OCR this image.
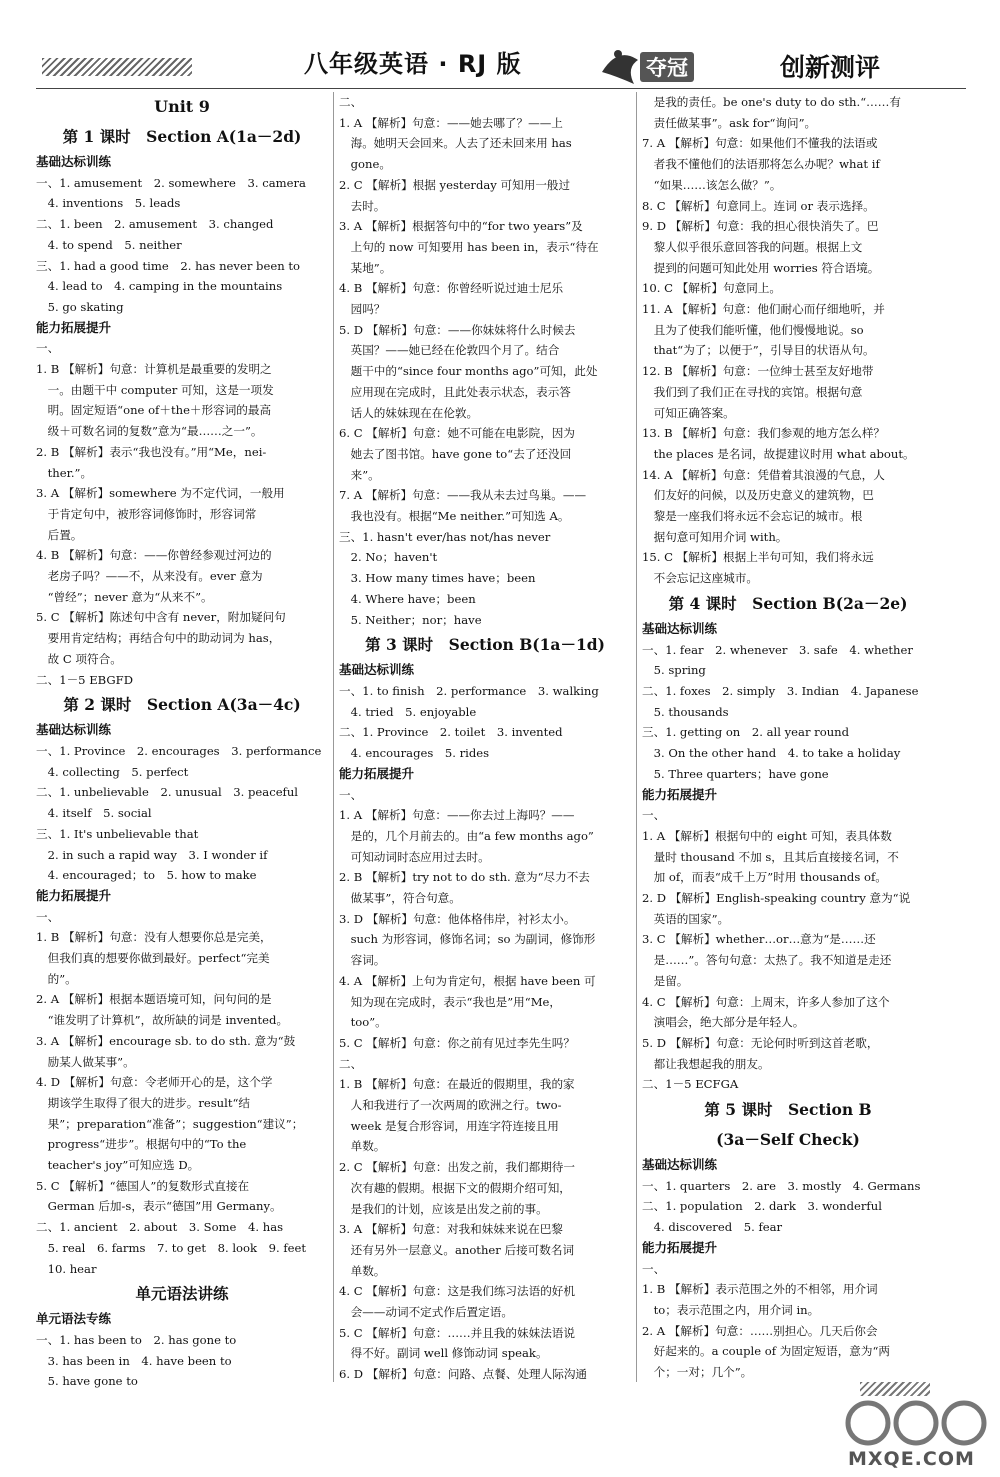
八年级英语 · RJ 版	夺冠	创新测评
Unit 9
第 1 课时　Section A(1a－2d)
基础达标训练
一、1. amusement　2. somewhere　3. camera
　4. inventions　5. leads
二、1. been　2. amusement　3. changed
　4. to spend　5. neither
三、1. had a good time　2. has never been to
　4. lead to　4. camping in the mountains
　5. go skating
能力拓展提升
一、
1. B 【解析】句意：计算机是最重要的发明之
　一。由题干中 computer 可知，这是一项发
　明。固定短语“one of＋the＋形容词的最高
　级＋可数名词的复数”意为“最……之一”。
2. B 【解析】表示“我也没有。”用“Me，nei-
　ther.”。
3. A 【解析】somewhere 为不定代词，一般用
　于肯定句中，被形容词修饰时，形容词常
　后置。
4. B 【解析】句意：——你曾经参观过河边的
　老房子吗？——不，从来没有。ever 意为
　“曾经”；never 意为“从来不”。
5. C 【解析】陈述句中含有 never，附加疑问句
　要用肯定结构；再结合句中的助动词为 has，
　故 C 项符合。
二、1－5 EBGFD
第 2 课时　Section A(3a－4c)
基础达标训练
一、1. Province　2. encourages　3. performance
　4. collecting　5. perfect
二、1. unbelievable　2. unusual　3. peaceful
　4. itself　5. social
三、1. It's unbelievable that
　2. in such a rapid way　3. I wonder if
　4. encouraged；to　5. how to make
能力拓展提升
一、
1. B 【解析】句意：没有人想要你总是完美，
　但我们真的想要你做到最好。perfect“完美
　的”。
2. A 【解析】根据本题语境可知，问句问的是
　“谁发明了计算机”，故所缺的词是 invented。
3. A 【解析】encourage sb. to do sth. 意为“鼓
　励某人做某事”。
4. D 【解析】句意：令老师开心的是，这个学
　期该学生取得了很大的进步。result“结
　果”；preparation“准备”；suggestion“建议”；
　progress“进步”。根据句中的“To the
　teacher's joy”可知应选 D。
5. C 【解析】“德国人”的复数形式直接在
　German 后加-s，表示“德国”用 Germany。
二、1. ancient　2. about　3. Some　4. has
　5. real　6. farms　7. to get　8. look　9. feet
　10. hear
单元语法讲练
单元语法专练
一、1. has been to　2. has gone to
　3. has been in　4. have been to
　5. have gone to
二、
1. A 【解析】句意：——她去哪了？——上
　海。她明天会回来。人去了还未回来用 has
　gone。
2. C 【解析】根据 yesterday 可知用一般过
　去时。
3. A 【解析】根据答句中的“for two years”及
　上句的 now 可知要用 has been in，表示“待在
　某地”。
4. B 【解析】句意：你曾经听说过迪士尼乐
　园吗？
5. D 【解析】句意：——你妹妹将什么时候去
　英国？——她已经在伦敦四个月了。结合
　题干中的“since four months ago”可知，此处
　应用现在完成时，且此处表示状态，表示答
　话人的妹妹现在在伦敦。
6. C 【解析】句意：她不可能在电影院，因为
　她去了图书馆。have gone to“去了还没回
　来”。
7. A 【解析】句意：——我从未去过鸟巢。——
　我也没有。根据“Me neither.”可知选 A。
三、1. hasn't ever/has not/has never
　2. No；haven't
　3. How many times have；been
　4. Where have；been
　5. Neither；nor；have
第 3 课时　Section B(1a－1d)
基础达标训练
一、1. to finish　2. performance　3. walking
　4. tried　5. enjoyable
二、1. Province　2. toilet　3. invented
　4. encourages　5. rides
能力拓展提升
一、
1. A 【解析】句意：——你去过上海吗？——
　是的，几个月前去的。由“a few months ago”
　可知动词时态应用过去时。
2. B 【解析】try not to do sth. 意为“尽力不去
　做某事”，符合句意。
3. D 【解析】句意：他体格伟岸，衬衫太小。
　such 为形容词，修饰名词；so 为副词，修饰形
　容词。
4. A 【解析】上句为肯定句，根据 have been 可
　知为现在完成时，表示“我也是”用“Me，
　too”。
5. C 【解析】句意：你之前有见过李先生吗？
二、
1. B 【解析】句意：在最近的假期里，我的家
　人和我进行了一次两周的欧洲之行。two-
　week 是复合形容词，用连字符连接且用
　单数。
2. C 【解析】句意：出发之前，我们都期待一
　次有趣的假期。根据下文的假期介绍可知，
　是我们的计划，应该是出发之前的事。
3. A 【解析】句意：对我和妹妹来说在巴黎
　还有另外一层意义。another 后接可数名词
　单数。
4. C 【解析】句意：这是我们练习法语的好机
　会——动词不定式作后置定语。
5. C 【解析】句意：……并且我的妹妹法语说
　得不好。副词 well 修饰动词 speak。
6. D 【解析】句意：问路、点餐、处理人际沟通
　是我的责任。be one's duty to do sth.“……有
　责任做某事”。ask for“询问”。
7. A 【解析】句意：如果他们不懂我的法语或
　者我不懂他们的法语那将怎么办呢？what if
　“如果……该怎么做？”。
8. C 【解析】句意同上。连词 or 表示选择。
9. D 【解析】句意：我的担心很快消失了。巴
　黎人似乎很乐意回答我的问题。根据上文
　提到的问题可知此处用 worries 符合语境。
10. C 【解析】句意同上。
11. A 【解析】句意：他们耐心而仔细地听，并
　且为了使我们能听懂，他们慢慢地说。so
　that“为了；以便于”，引导目的状语从句。
12. B 【解析】句意：一位绅士甚至友好地带
　我们到了我们正在寻找的宾馆。根据句意
　可知正确答案。
13. B 【解析】句意：我们参观的地方怎么样？
　the places 是名词，故提建议时用 what about。
14. A 【解析】句意：凭借着其浪漫的气息，人
　们友好的问候，以及历史意义的建筑物，巴
　黎是一座我们将永远不会忘记的城市。根
　据句意可知用介词 with。
15. C 【解析】根据上半句可知，我们将永远
　不会忘记这座城市。
第 4 课时　Section B(2a－2e)
基础达标训练
一、1. fear　2. whenever　3. safe　4. whether
　5. spring
二、1. foxes　2. simply　3. Indian　4. Japanese
　5. thousands
三、1. getting on　2. all year round
　3. On the other hand　4. to take a holiday
　5. Three quarters；have gone
能力拓展提升
一、
1. A 【解析】根据句中的 eight 可知，表具体数
　量时 thousand 不加 s，且其后直接接名词，不
　加 of，而表“成千上万”时用 thousands of。
2. D 【解析】English-speaking country 意为“说
　英语的国家”。
3. C 【解析】whether…or…意为“是……还
　是……”。答句句意：太热了。我不知道是走还
　是留。
4. C 【解析】句意：上周末，许多人参加了这个
　演唱会，绝大部分是年轻人。
5. D 【解析】句意：无论何时听到这首老歌，
　都让我想起我的朋友。
二、1－5 ECFGA
第 5 课时　Section B
(3a－Self Check)
基础达标训练
一、1. quarters　2. are　3. mostly　4. Germans
二、1. population　2. dark　3. wonderful
　4. discovered　5. fear
能力拓展提升
一、
1. B 【解析】表示范围之外的不相邻，用介词
　to；表示范围之内，用介词 in。
2. A 【解析】句意：……别担心。几天后你会
　好起来的。a couple of 为固定短语，意为“两
　个；一对；几个”。
MXQE.COM
